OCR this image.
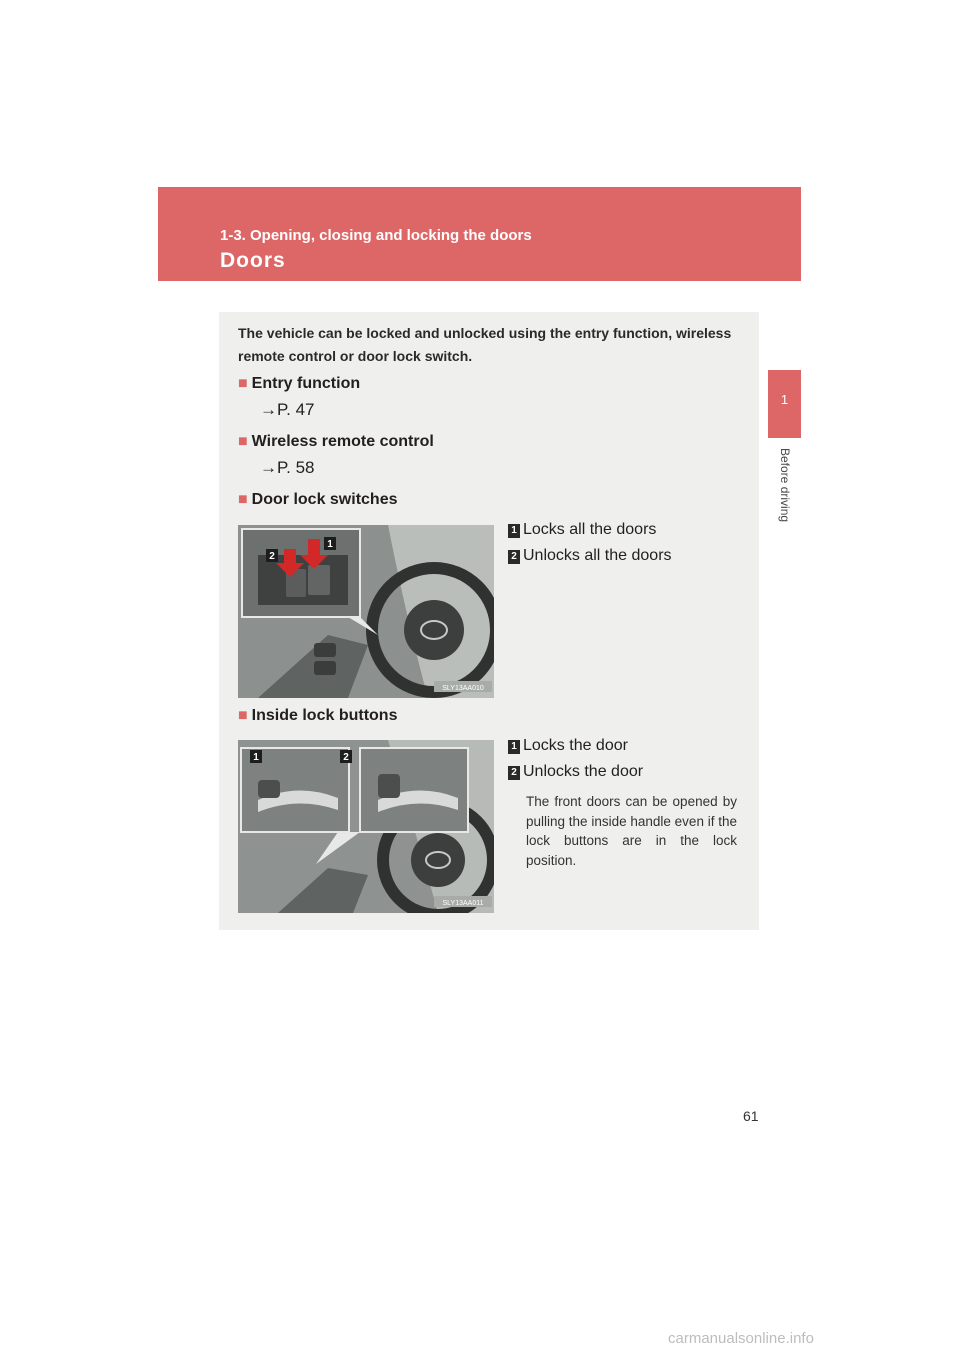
1-3. Opening, closing and locking the doors
Doors
1
Before driving
The vehicle can be locked and unlocked using the entry function, wireless remote control or door lock switch.
■ Entry function
→P. 47
■ Wireless remote control
→P. 58
■ Door lock switches
SLY13AA010
2
1
1 Locks all the doors
2 Unlocks all the doors
■ Inside lock buttons
SLY13AA011
1	2
1 Locks the door
2 Unlocks the door
The front doors can be opened by pulling the inside handle even if the lock buttons are in the lock position.
61
carmanualsonline.info
